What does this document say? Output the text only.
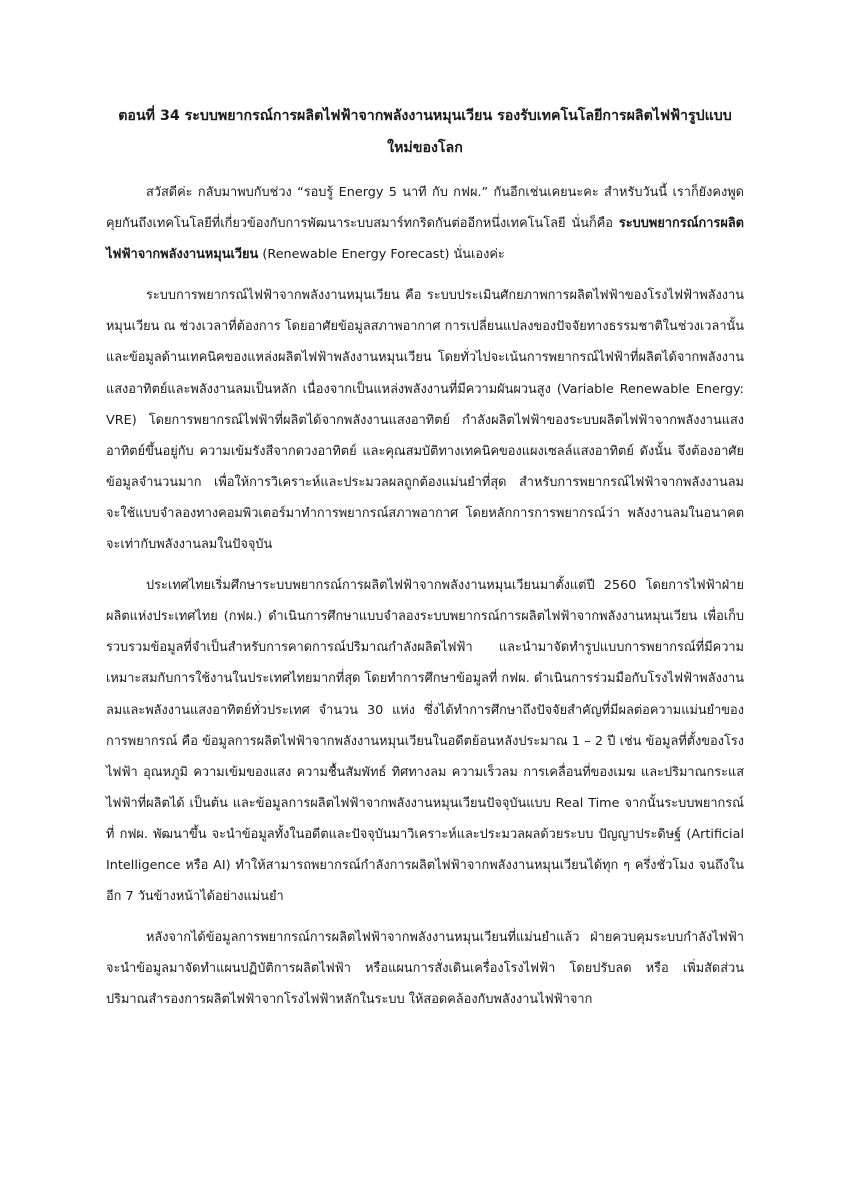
ตอนที่ 34 ระบบพยากรณ์การผลิตไฟฟ้าจากพลังงานหมุนเวียน รองรับเทคโนโลยีการผลิตไฟฟ้ารูปแบบใหม่ของโลก

สวัสดีค่ะ กลับมาพบกับช่วง “รอบรู้ Energy 5 นาที กับ กฟผ.” กันอีกเช่นเคยนะคะ สำหรับวันนี้ เราก็ยังคงพูดคุยกันถึงเทคโนโลยีที่เกี่ยวข้องกับการพัฒนาระบบสมาร์ทกริดกันต่ออีกหนึ่งเทคโนโลยี นั่นก็คือ ระบบพยากรณ์การผลิตไฟฟ้าจากพลังงานหมุนเวียน (Renewable Energy Forecast) นั่นเองค่ะ

ระบบการพยากรณ์ไฟฟ้าจากพลังงานหมุนเวียน คือ ระบบประเมินศักยภาพการผลิตไฟฟ้าของโรงไฟฟ้าพลังงานหมุนเวียน ณ ช่วงเวลาที่ต้องการ โดยอาศัยข้อมูลสภาพอากาศ การเปลี่ยนแปลงของปัจจัยทางธรรมชาติในช่วงเวลานั้น และข้อมูลด้านเทคนิคของแหล่งผลิตไฟฟ้าพลังงานหมุนเวียน โดยทั่วไปจะเน้นการพยากรณ์ไฟฟ้าที่ผลิตได้จากพลังงานแสงอาทิตย์และพลังงานลมเป็นหลัก เนื่องจากเป็นแหล่งพลังงานที่มีความผันผวนสูง (Variable Renewable Energy: VRE) โดยการพยากรณ์ไฟฟ้าที่ผลิตได้จากพลังงานแสงอาทิตย์ กำลังผลิตไฟฟ้าของระบบผลิตไฟฟ้าจากพลังงานแสงอาทิตย์ขึ้นอยู่กับ ความเข้มรังสีจากดวงอาทิตย์ และคุณสมบัติทางเทคนิคของแผงเซลล์แสงอาทิตย์ ดังนั้น จึงต้องอาศัยข้อมูลจำนวนมาก เพื่อให้การวิเคราะห์และประมวลผลถูกต้องแม่นยำที่สุด สำหรับการพยากรณ์ไฟฟ้าจากพลังงานลม จะใช้แบบจำลองทางคอมพิวเตอร์มาทำการพยากรณ์สภาพอากาศ โดยหลักการการพยากรณ์ว่า พลังงานลมในอนาคตจะเท่ากับพลังงานลมในปัจจุบัน

ประเทศไทยเริ่มศึกษาระบบพยากรณ์การผลิตไฟฟ้าจากพลังงานหมุนเวียนมาตั้งแต่ปี 2560 โดยการไฟฟ้าฝ่ายผลิตแห่งประเทศไทย (กฟผ.) ดำเนินการศึกษาแบบจำลองระบบพยากรณ์การผลิตไฟฟ้าจากพลังงานหมุนเวียน เพื่อเก็บรวบรวมข้อมูลที่จำเป็นสำหรับการคาดการณ์ปริมาณกำลังผลิตไฟฟ้า และนำมาจัดทำรูปแบบการพยากรณ์ที่มีความเหมาะสมกับการใช้งานในประเทศไทยมากที่สุด โดยทำการศึกษาข้อมูลที่ กฟผ. ดำเนินการร่วมมือกับโรงไฟฟ้าพลังงานลมและพลังงานแสงอาทิตย์ทั่วประเทศ จำนวน 30 แห่ง ซึ่งได้ทำการศึกษาถึงปัจจัยสำคัญที่มีผลต่อความแม่นยำของการพยากรณ์ คือ ข้อมูลการผลิตไฟฟ้าจากพลังงานหมุนเวียนในอดีตย้อนหลังประมาณ 1 – 2 ปี เช่น ข้อมูลที่ตั้งของโรงไฟฟ้า อุณหภูมิ ความเข้มของแสง ความชื้นสัมพัทธ์ ทิศทางลม ความเร็วลม การเคลื่อนที่ของเมฆ และปริมาณกระแสไฟฟ้าที่ผลิตได้ เป็นต้น และข้อมูลการผลิตไฟฟ้าจากพลังงานหมุนเวียนปัจจุบันแบบ Real Time จากนั้นระบบพยากรณ์ที่ กฟผ. พัฒนาขึ้น จะนำข้อมูลทั้งในอดีตและปัจจุบันมาวิเคราะห์และประมวลผลด้วยระบบ ปัญญาประดิษฐ์ (Artificial Intelligence หรือ AI) ทำให้สามารถพยากรณ์กำลังการผลิตไฟฟ้าจากพลังงานหมุนเวียนได้ทุก ๆ ครึ่งชั่วโมง จนถึงในอีก 7 วันข้างหน้าได้อย่างแม่นยำ

หลังจากได้ข้อมูลการพยากรณ์การผลิตไฟฟ้าจากพลังงานหมุนเวียนที่แม่นยำแล้ว ฝ่ายควบคุมระบบกำลังไฟฟ้า จะนำข้อมูลมาจัดทำแผนปฏิบัติการผลิตไฟฟ้า หรือแผนการสั่งเดินเครื่องโรงไฟฟ้า โดยปรับลด หรือ เพิ่มสัดส่วนปริมาณสำรองการผลิตไฟฟ้าจากโรงไฟฟ้าหลักในระบบ ให้สอดคล้องกับพลังงานไฟฟ้าจาก
